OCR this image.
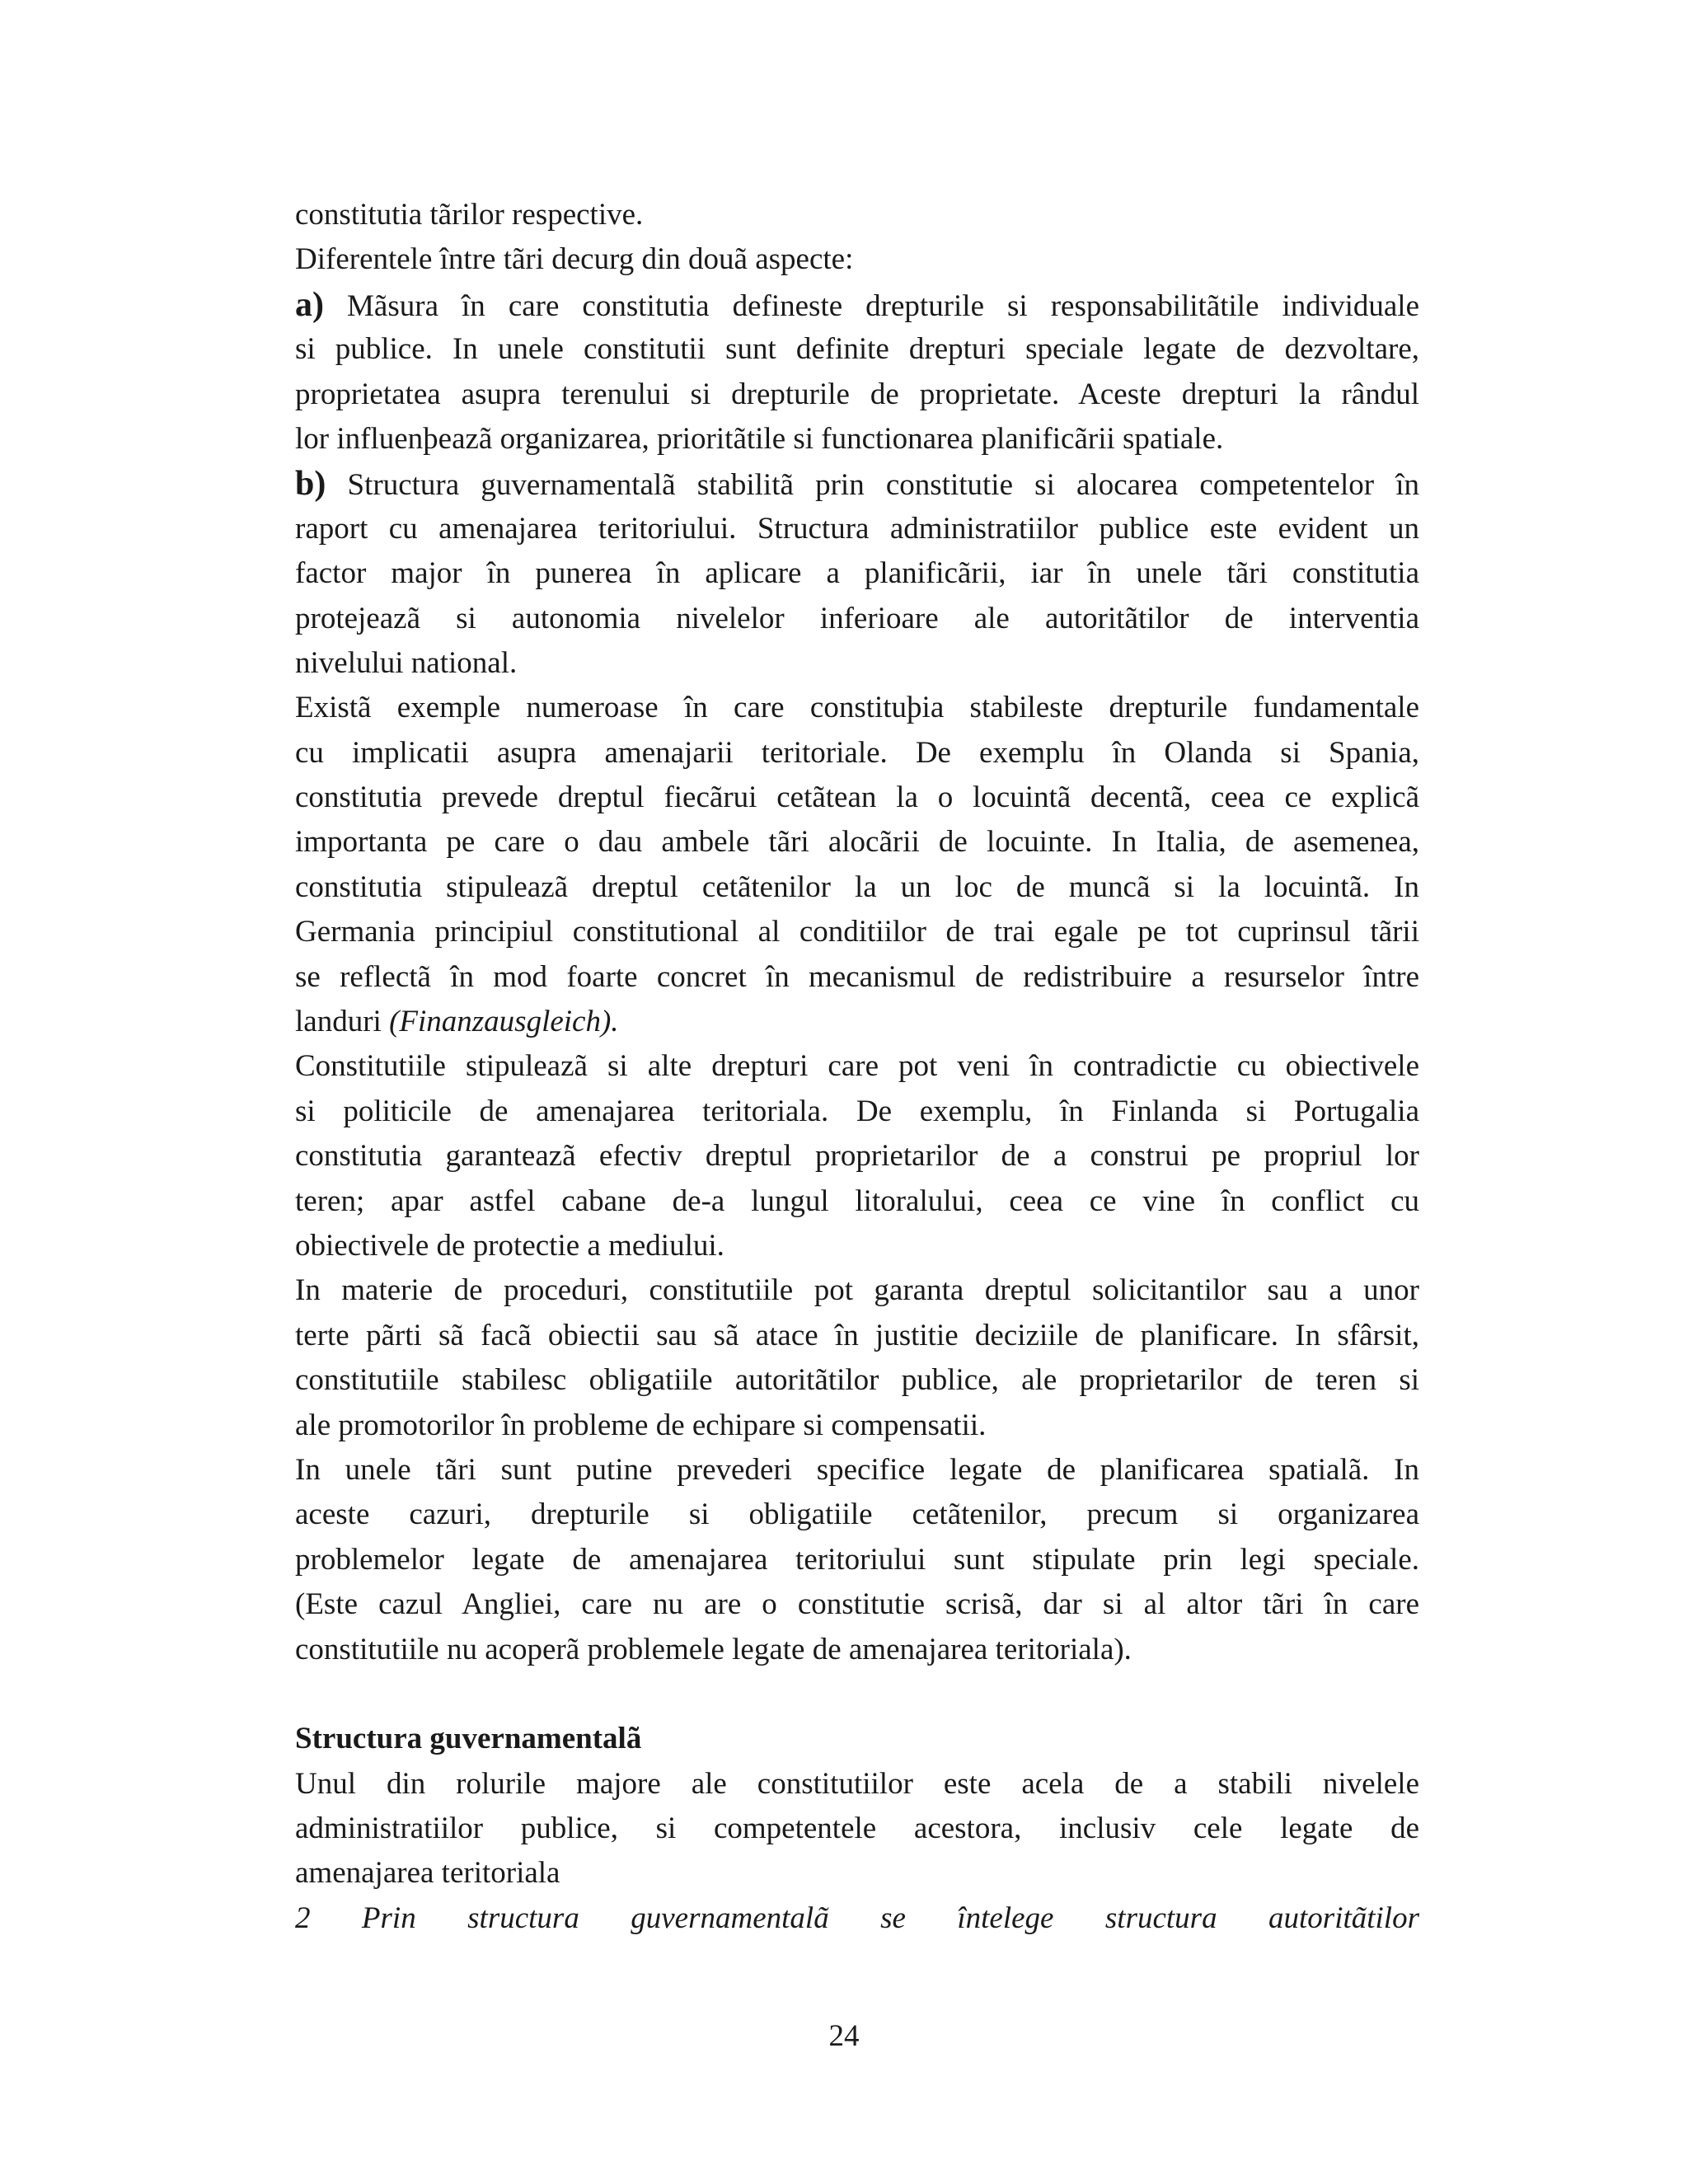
constitutia tãrilor respective.
Diferentele între tãri decurg din douã aspecte:
a) Mãsura în care constitutia defineste drepturile si responsabilitãtile individuale
si publice. In unele constitutii sunt definite drepturi speciale legate de dezvoltare,
proprietatea asupra terenului si drepturile de proprietate. Aceste drepturi la rândul
lor influenþeazã organizarea, prioritãtile si functionarea planificãrii spatiale.
b) Structura guvernamentalã stabilitã prin constitutie si alocarea competentelor în
raport cu amenajarea teritoriului. Structura administratiilor publice este evident un
factor major în punerea în aplicare a planificãrii, iar în unele tãri constitutia
protejeazã si autonomia nivelelor inferioare ale autoritãtilor de interventia
nivelului national.
Existã exemple numeroase în care constituþia stabileste drepturile fundamentale
cu implicatii asupra amenajarii teritoriale. De exemplu în Olanda si Spania,
constitutia prevede dreptul fiecãrui cetãtean la o locuintã decentã, ceea ce explicã
importanta pe care o dau ambele tãri alocãrii de locuinte. In Italia, de asemenea,
constitutia stipuleazã dreptul cetãtenilor la un loc de muncã si la locuintã. In
Germania principiul constitutional al conditiilor de trai egale pe tot cuprinsul tãrii
se reflectã în mod foarte concret în mecanismul de redistribuire a resurselor între
landuri (Finanzausgleich).
Constitutiile stipuleazã si alte drepturi care pot veni în contradictie cu obiectivele
si politicile de amenajarea teritoriala. De exemplu, în Finlanda si Portugalia
constitutia garanteazã efectiv dreptul proprietarilor de a construi pe propriul lor
teren; apar astfel cabane de-a lungul litoralului, ceea ce vine în conflict cu
obiectivele de protectie a mediului.
In materie de proceduri, constitutiile pot garanta dreptul solicitantilor sau a unor
terte pãrti sã facã obiectii sau sã atace în justitie deciziile de planificare. In sfârsit,
constitutiile stabilesc obligatiile autoritãtilor publice, ale proprietarilor de teren si
ale promotorilor în probleme de echipare si compensatii.
In unele tãri sunt putine prevederi specifice legate de planificarea spatialã. In
aceste cazuri, drepturile si obligatiile cetãtenilor, precum si organizarea
problemelor legate de amenajarea teritoriului sunt stipulate prin legi speciale.
(Este cazul Angliei, care nu are o constitutie scrisã, dar si al altor tãri în care
constitutiile nu acoperã problemele legate de amenajarea teritoriala).
Structura guvernamentalã
Unul din rolurile majore ale constitutiilor este acela de a stabili nivelele
administratiilor publice, si competentele acestora, inclusiv cele legate de
amenajarea teritoriala
2 Prin structura guvernamentalã se întelege structura autoritãtilor
24
